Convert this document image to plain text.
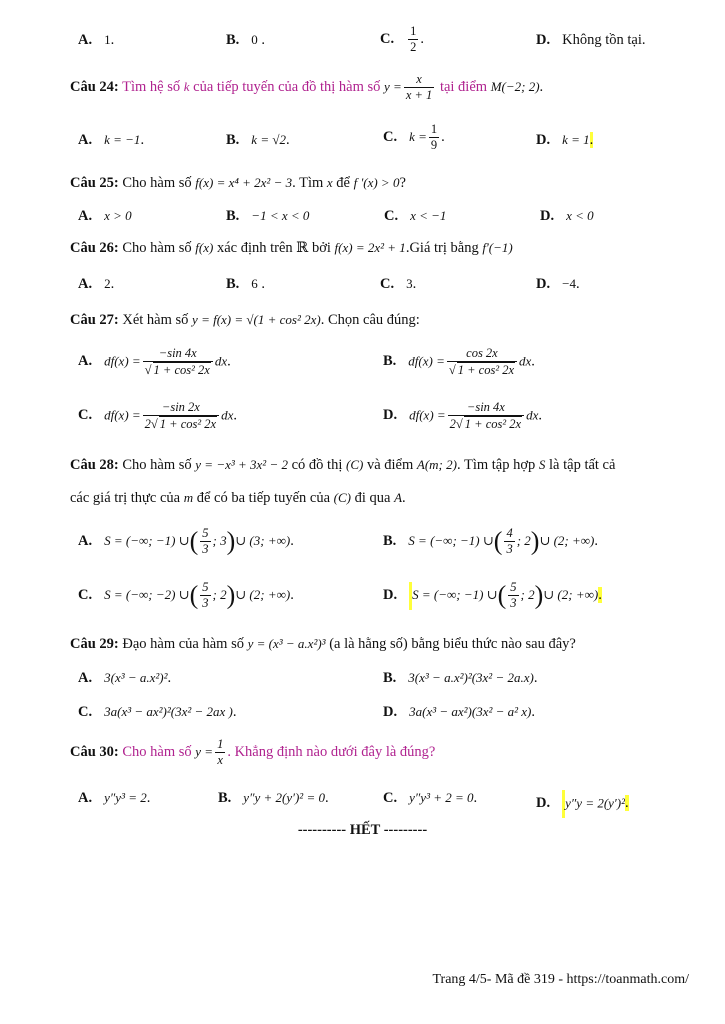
A. 1.	B. 0 .	C. $\frac{1}{2}$ .	D. Không tồn tại.
Câu 24: Tìm hệ số k của tiếp tuyến của đồ thị hàm số $y = \frac{x}{x + 1}$ tại điểm M(−2; 2).
A. k = −1.	B. k = √2.	C. $k = \frac{1}{9}$ .	D. k = 1.
Câu 25: Cho hàm số f(x) = x⁴ + 2x² − 3. Tìm x để f '(x) > 0?
A. x > 0	B. −1 < x < 0	C. x < −1	D. x < 0
Câu 26: Cho hàm số f(x) xác định trên ℝ bởi f(x) = 2x² + 1.Giá trị bằng f′(−1)
A. 2.	B. 6 .	C. 3.	D. −4.
Câu 27: Xét hàm số y = f(x) = √(1 + cos² 2x). Chọn câu đúng:
A. $df(x) = \frac{-\sin 4x}{\text{√ 1 + cos² 2x}}$ dx.	B. $df(x) = \frac{\cos 2x}{\text{√ 1 + cos² 2x}}$ dx.
C. $df(x) = \frac{-\sin 2x}{\text{2√ 1 + cos² 2x}}$ dx.	D. $df(x) = \frac{-\sin 4x}{\text{2√ 1 + cos² 2x}}$ dx.
Câu 28: Cho hàm số y = −x³ + 3x² − 2 có đồ thị (C) và điểm A(m; 2). Tìm tập hợp S là tập tất cả
các giá trị thực của m để có ba tiếp tuyến của (C) đi qua A.
A. S = (−∞; −1) ∪( $\frac{5}{3}$ ; 3)∪ (3; +∞).	B. S = (−∞; −1) ∪( $\frac{4}{3}$ ; 2)∪ (2; +∞).
C. S = (−∞; −2) ∪( $\frac{5}{3}$ ; 2)∪ (2; +∞).	D. S = (−∞; −1) ∪( $\frac{5}{3}$ ; 2)∪ (2; +∞).
Câu 29: Đạo hàm của hàm số y = (x³ − a.x²)³ (a là hằng số) bằng biểu thức nào sau đây?
A. 3(x³ − a.x²)².	B. 3(x³ − a.x²)²(3x² − 2a.x).
C. 3a(x³ − ax²)²(3x² − 2ax ).	D. 3a(x³ − ax²)(3x² − a² x).
Câu 30: Cho hàm số $y = \frac{1}{x}$ . Khẳng định nào dưới đây là đúng?
A. y″y³ = 2.	B. y″y + 2(y′)² = 0.	C. y″y³ + 2 = 0.	D. y″y = 2(y′)².
---------- HẾT ---------
Trang 4/5- Mã đề 319 - https://toanmath.com/
